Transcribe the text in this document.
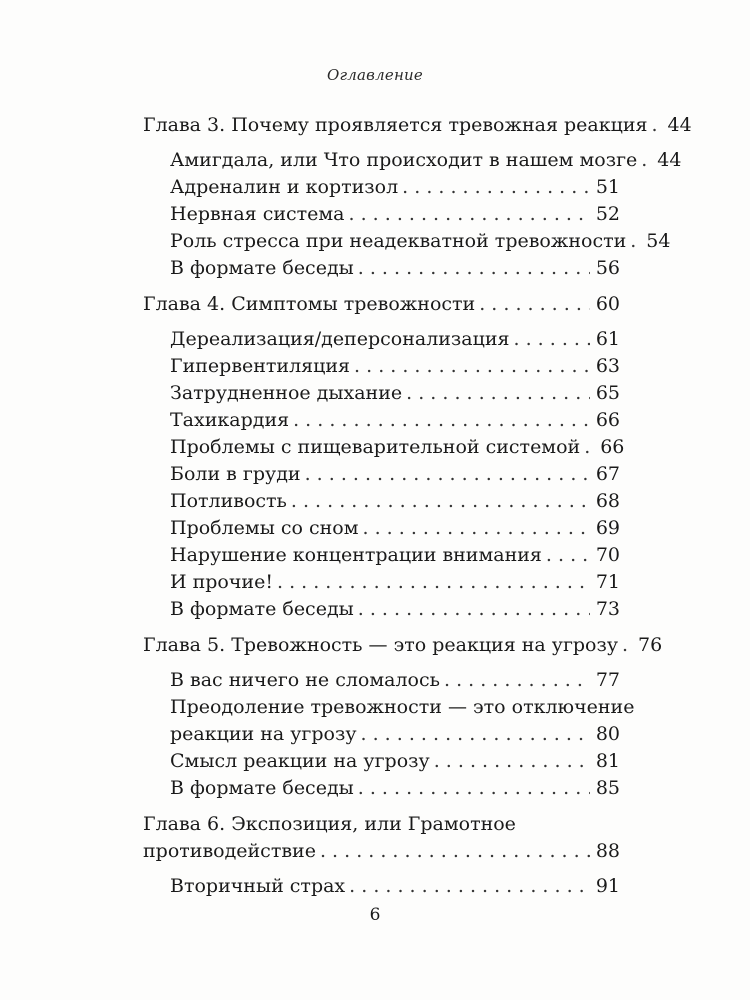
Оглавление
Глава 3. Почему проявляется тревожная реакция . . . 44
Амигдала, или Что происходит в нашем мозге . . . 44
Адреналин и кортизол . . .	51
Нервная система . . .	52
Роль стресса при неадекватной тревожности . . . 54
В формате беседы . . .	56
Глава 4. Симптомы тревожности . . .	60
Дереализация/деперсонализация . . .	61
Гипервентиляция . . .	63
Затрудненное дыхание . . .	65
Тахикардия . . .	66
Проблемы с пищеварительной системой . . . 66
Боли в груди . . .	67
Потливость . . .	68
Проблемы со сном . . .	69
Нарушение концентрации внимания . . .	70
И прочие! . . .	71
В формате беседы . . .	73
Глава 5. Тревожность — это реакция на угрозу . . . 76
В вас ничего не сломалось . . .	77
Преодоление тревожности — это отключение
реакции на угрозу . . .	80
Смысл реакции на угрозу . . .	81
В формате беседы . . .	85
Глава 6. Экспозиция, или Грамотное
противодействие . . .	88
Вторичный страх . . .	91
6
